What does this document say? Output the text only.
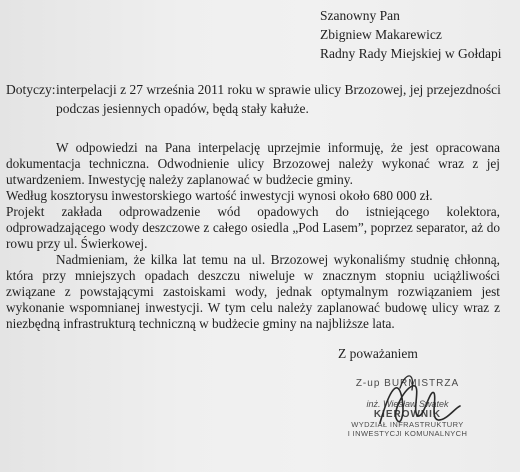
Szanowny Pan
Zbigniew Makarewicz
Radny Rady Miejskiej w Gołdapi
Dotyczy:interpelacji z 27 września 2011 roku w sprawie ulicy Brzozowej, jej przejezdności
podczas jesiennych opadów, będą stały kałuże.

W odpowiedzi na Pana interpelację uprzejmie informuję, że jest opracowana dokumentacja techniczna. Odwodnienie ulicy Brzozowej należy wykonać wraz z jej utwardzeniem. Inwestycję należy zaplanować w budżecie gminy.

Według kosztorysu inwestorskiego wartość inwestycji wynosi około 680 000 zł.

Projekt zakłada odprowadzenie wód opadowych do istniejącego kolektora, odprowadzającego wody deszczowe z całego osiedla „Pod Lasem”, poprzez separator, aż do rowu przy ul. Świerkowej.

Nadmieniam, że kilka lat temu na ul. Brzozowej wykonaliśmy studnię chłonną, która przy mniejszych opadach deszczu niweluje w znacznym stopniu uciążliwości związane z powstającymi zastoiskami wody, jednak optymalnym rozwiązaniem jest wykonanie wspomnianej inwestycji. W tym celu należy zaplanować budowę ulicy wraz z niezbędną infrastrukturą techniczną w budżecie gminy na najbliższe lata.

Z poważaniem
Z-up BURMISTRZA
inż. Wiesław Swatek
KIEROWNIK
WYDZIAŁ INFRASTRUKTURY
I INWESTYCJI KOMUNALNYCH
